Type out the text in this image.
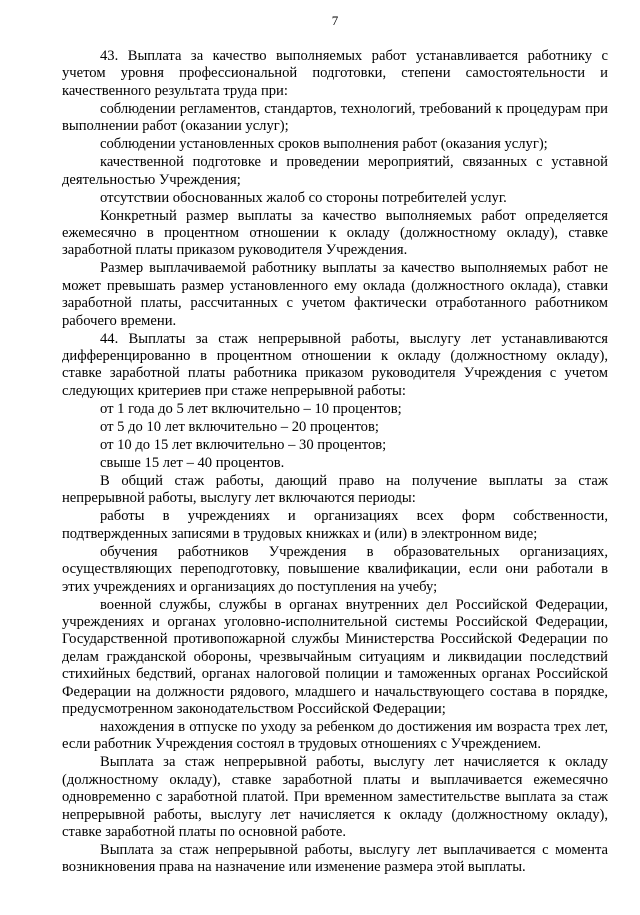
7

43. Выплата за качество выполняемых работ устанавливается работнику с учетом уровня профессиональной подготовки, степени самостоятельности и качественного результата труда при:

соблюдении регламентов, стандартов, технологий, требований к процедурам при выполнении работ (оказании услуг);

соблюдении установленных сроков выполнения работ (оказания услуг);

качественной подготовке и проведении мероприятий, связанных с уставной деятельностью Учреждения;

отсутствии обоснованных жалоб со стороны потребителей услуг.

Конкретный размер выплаты за качество выполняемых работ определяется ежемесячно в процентном отношении к окладу (должностному окладу), ставке заработной платы приказом руководителя Учреждения.

Размер выплачиваемой работнику выплаты за качество выполняемых работ не может превышать размер установленного ему оклада (должностного оклада), ставки заработной платы, рассчитанных с учетом фактически отработанного работником рабочего времени.

44. Выплаты за стаж непрерывной работы, выслугу лет устанавливаются дифференцированно в процентном отношении к окладу (должностному окладу), ставке заработной платы работника приказом руководителя Учреждения с учетом следующих критериев при стаже непрерывной работы:

от 1 года до 5 лет включительно – 10 процентов;

от 5 до 10 лет включительно – 20 процентов;

от 10 до 15 лет включительно – 30 процентов;

свыше 15 лет – 40 процентов.

В общий стаж работы, дающий право на получение выплаты за стаж непрерывной работы, выслугу лет включаются периоды:

работы в учреждениях и организациях всех форм собственности, подтвержденных записями в трудовых книжках и (или) в электронном виде;

обучения работников Учреждения в образовательных организациях, осуществляющих переподготовку, повышение квалификации, если они работали в этих учреждениях и организациях до поступления на учебу;

военной службы, службы в органах внутренних дел Российской Федерации, учреждениях и органах уголовно-исполнительной системы Российской Федерации, Государственной противопожарной службы Министерства Российской Федерации по делам гражданской обороны, чрезвычайным ситуациям и ликвидации последствий стихийных бедствий, органах налоговой полиции и таможенных органах Российской Федерации на должности рядового, младшего и начальствующего состава в порядке, предусмотренном законодательством Российской Федерации;

нахождения в отпуске по уходу за ребенком до достижения им возраста трех лет, если работник Учреждения состоял в трудовых отношениях с Учреждением.

Выплата за стаж непрерывной работы, выслугу лет начисляется к окладу (должностному окладу), ставке заработной платы и выплачивается ежемесячно одновременно с заработной платой. При временном заместительстве выплата за стаж непрерывной работы, выслугу лет начисляется к окладу (должностному окладу), ставке заработной платы по основной работе.

Выплата за стаж непрерывной работы, выслугу лет выплачивается с момента возникновения права на назначение или изменение размера этой выплаты.
